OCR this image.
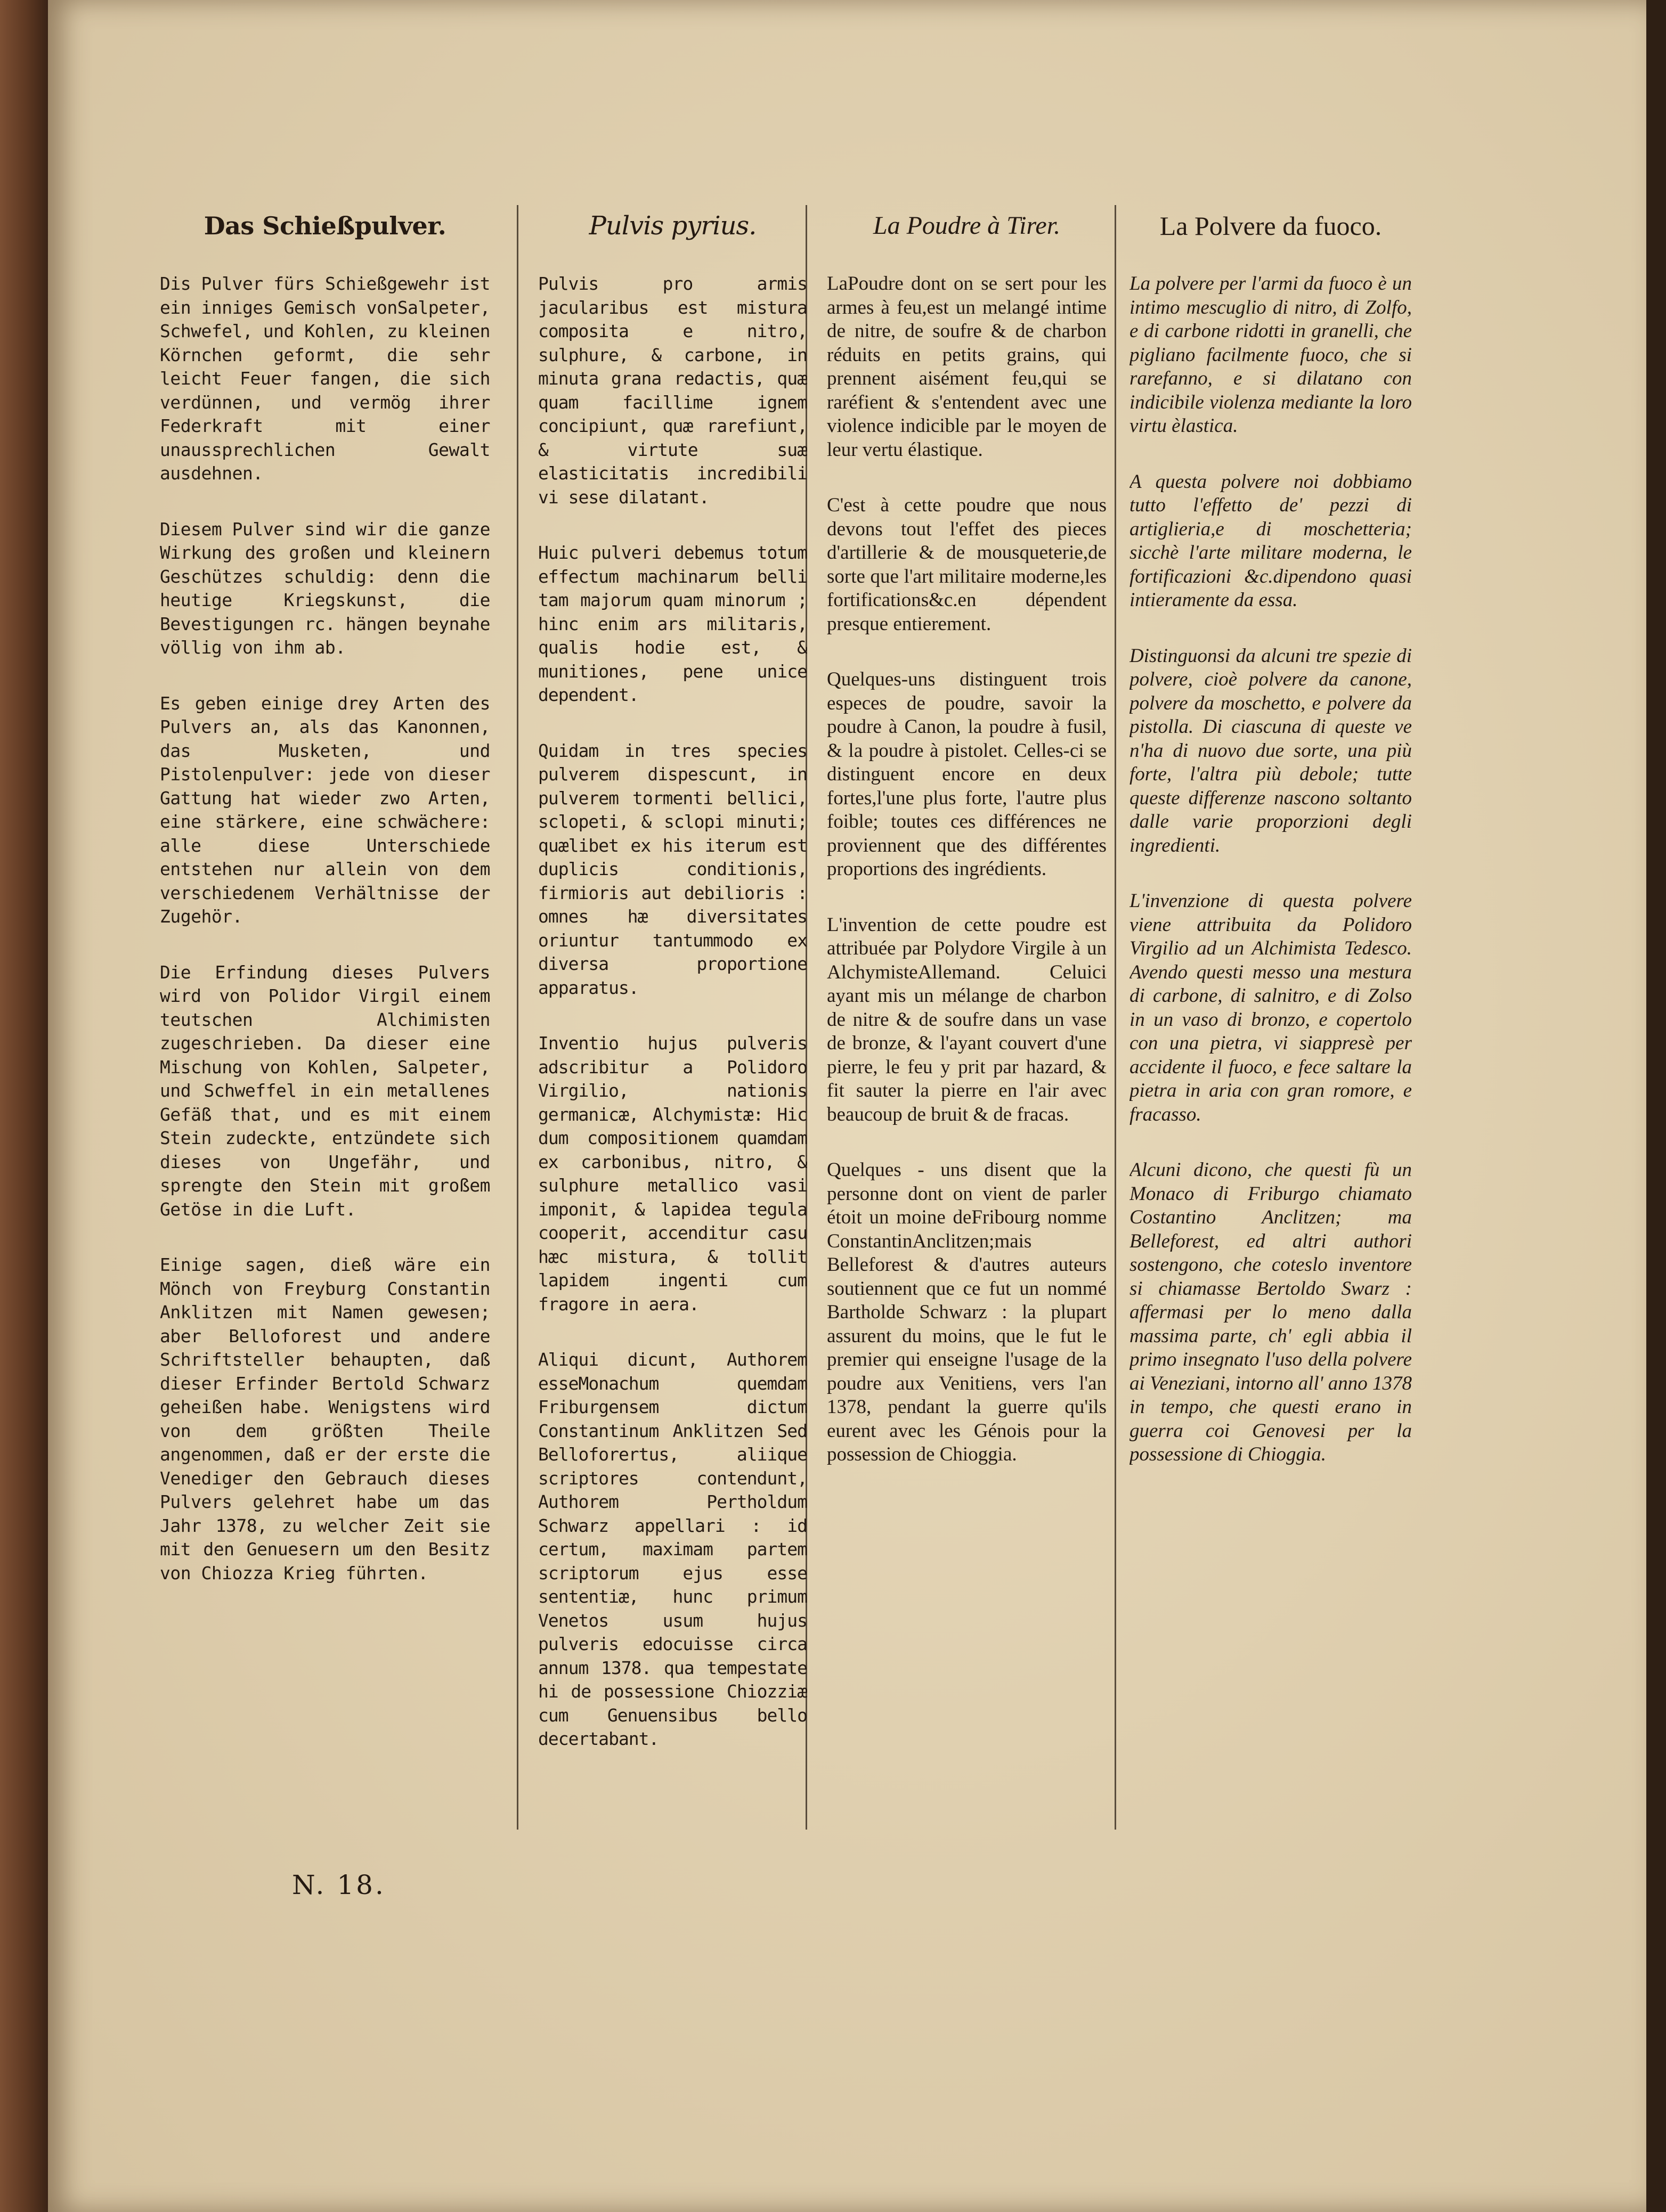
Das Schießpulver.

Dis Pulver fürs Schießgewehr ist ein inniges Gemisch vonSalpeter, Schwefel, und Kohlen, zu kleinen Körnchen geformt, die sehr leicht Feuer fangen, die sich verdünnen, und vermög ihrer Federkraft mit einer unaussprechlichen Gewalt ausdehnen.

Diesem Pulver sind wir die ganze Wirkung des großen und kleinern Geschützes schuldig: denn die heutige Kriegskunst, die Bevestigungen rc. hängen beynahe völlig von ihm ab.

Es geben einige drey Arten des Pulvers an, als das Kanonnen, das Musketen, und Pistolenpulver: jede von dieser Gattung hat wieder zwo Arten, eine stärkere, eine schwächere: alle diese Unterschiede entstehen nur allein von dem verschiedenem Verhältnisse der Zugehör.

Die Erfindung dieses Pulvers wird von Polidor Virgil einem teutschen Alchimisten zugeschrieben. Da dieser eine Mischung von Kohlen, Salpeter, und Schweffel in ein metallenes Gefäß that, und es mit einem Stein zudeckte, entzündete sich dieses von Ungefähr, und sprengte den Stein mit großem Getöse in die Luft.

Einige sagen, dieß wäre ein Mönch von Freyburg Constantin Anklitzen mit Namen gewesen; aber Belloforest und andere Schriftsteller behaupten, daß dieser Erfinder Bertold Schwarz geheißen habe. Wenigstens wird von dem größten Theile angenommen, daß er der erste die Venediger den Gebrauch dieses Pulvers gelehret habe um das Jahr 1378, zu welcher Zeit sie mit den Genuesern um den Besitz von Chiozza Krieg führten.

Pulvis pyrius.

Pulvis pro armis jacularibus est mistura composita e nitro, sulphure, & carbone, in minuta grana redactis, quæ quam facillime ignem concipiunt, quæ rarefiunt, & virtute suæ elasticitatis incredibili vi sese dilatant.

Huic pulveri debemus totum effectum machinarum belli tam majorum quam minorum ; hinc enim ars militaris, qualis hodie est, & munitiones, pene unice dependent.

Quidam in tres species pulverem dispescunt, in pulverem tormenti bellici, sclopeti, & sclopi minuti; quælibet ex his iterum est duplicis conditionis, firmioris aut debilioris : omnes hæ diversitates oriuntur tantummodo ex diversa proportione apparatus.

Inventio hujus pulveris adscribitur a Polidoro Virgilio, nationis germanicæ, Alchymistæ: Hic dum compositionem quamdam ex carbonibus, nitro, & sulphure metallico vasi imponit, & lapidea tegula cooperit, accenditur casu hæc mistura, & tollit lapidem ingenti cum fragore in aera.

Aliqui dicunt, Authorem esseMonachum quemdam Friburgensem dictum Constantinum Anklitzen Sed Belloforertus, aliique scriptores contendunt, Authorem Pertholdum Schwarz appellari : id certum, maximam partem scriptorum ejus esse sententiæ, hunc primum Venetos usum hujus pulveris edocuisse circa annum 1378. qua tempestate hi de possessione Chiozziæ cum Genuensibus bello decertabant.

La Poudre à Tirer.

LaPoudre dont on se sert pour les armes à feu,est un melangé intime de nitre, de soufre & de charbon réduits en petits grains, qui prennent aisément feu,qui se raréfient & s'entendent avec une violence indicible par le moyen de leur vertu élastique.

C'est à cette poudre que nous devons tout l'effet des pieces d'artillerie & de mousqueterie,de sorte que l'art militaire moderne,les fortifications&c.en dépendent presque entierement.

Quelques-uns distinguent trois especes de poudre, savoir la poudre à Canon, la poudre à fusil, & la poudre à pistolet. Celles-ci se distinguent encore en deux fortes,l'une plus forte, l'autre plus foible; toutes ces différences ne proviennent que des différentes proportions des ingrédients.

L'invention de cette poudre est attribuée par Polydore Virgile à un AlchymisteAllemand. Celuici ayant mis un mélange de charbon de nitre & de soufre dans un vase de bronze, & l'ayant couvert d'une pierre, le feu y prit par hazard, & fit sauter la pierre en l'air avec beaucoup de bruit & de fracas.

Quelques - uns disent que la personne dont on vient de parler étoit un moine deFribourg nomme ConstantinAnclitzen;mais Belleforest & d'autres auteurs soutiennent que ce fut un nommé Bartholde Schwarz : la plupart assurent du moins, que le fut le premier qui enseigne l'usage de la poudre aux Venitiens, vers l'an 1378, pendant la guerre qu'ils eurent avec les Génois pour la possession de Chioggia.

La Polvere da fuoco.

La polvere per l'armi da fuoco è un intimo mescuglio di nitro, di Zolfo, e di carbone ridotti in granelli, che pigliano facilmente fuoco, che si rarefanno, e si dilatano con indicibile violenza mediante la loro virtu èlastica.

A questa polvere noi dobbiamo tutto l'effetto de' pezzi di artiglieria,e di moschetteria; sicchè l'arte militare moderna, le fortificazioni &c.dipendono quasi intieramente da essa.

Distinguonsi da alcuni tre spezie di polvere, cioè polvere da canone, polvere da moschetto, e polvere da pistolla. Di ciascuna di queste ve n'ha di nuovo due sorte, una più forte, l'altra più debole; tutte queste differenze nascono soltanto dalle varie proporzioni degli ingredienti.

L'invenzione di questa polvere viene attribuita da Polidoro Virgilio ad un Alchimista Tedesco. Avendo questi messo una mestura di carbone, di salnitro, e di Zolso in un vaso di bronzo, e copertolo con una pietra, vi siappresè per accidente il fuoco, e fece saltare la pietra in aria con gran romore, e fracasso.

Alcuni dicono, che questi fù un Monaco di Friburgo chiamato Costantino Anclitzen; ma Belleforest, ed altri authori sostengono, che coteslo inventore si chiamasse Bertoldo Swarz : affermasi per lo meno dalla massima parte, ch' egli abbia il primo insegnato l'uso della polvere ai Veneziani, intorno all' anno 1378 in tempo, che questi erano in guerra coi Genovesi per la possessione di Chioggia.

N. 18.
